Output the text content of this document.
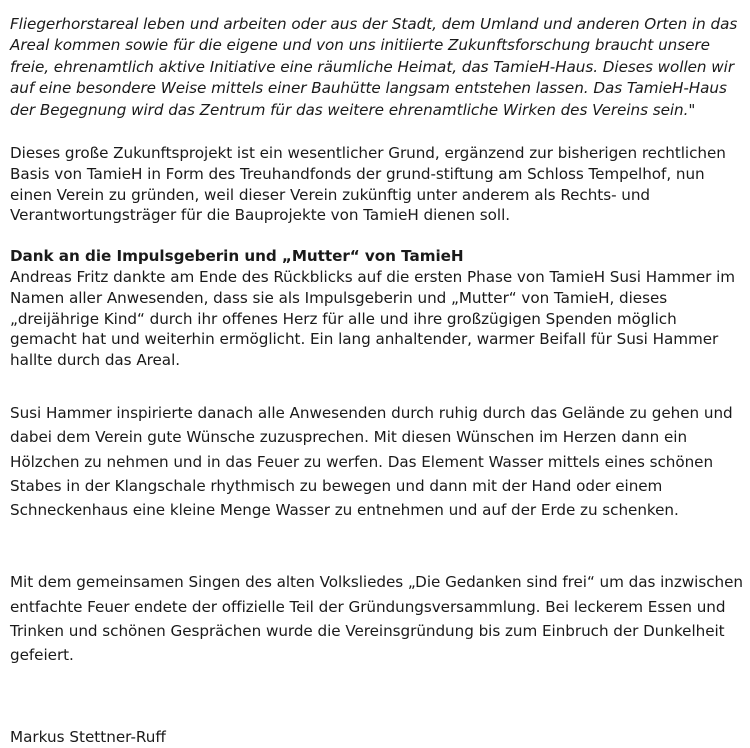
Fliegerhorstareal leben und arbeiten oder aus der Stadt, dem Umland und anderen Orten in das Areal kommen sowie für die eigene und von uns initiierte Zukunftsforschung braucht unsere freie, ehrenamtlich aktive Initiative eine räumliche Heimat, das TamieH-Haus. Dieses wollen wir auf eine besondere Weise mittels einer Bauhütte langsam entstehen lassen. Das TamieH-Haus der Begegnung wird das Zentrum für das weitere ehrenamtliche Wirken des Vereins sein."

Dieses große Zukunftsprojekt ist ein wesentlicher Grund, ergänzend zur bisherigen rechtlichen Basis von TamieH in Form des Treuhandfonds der grund-stiftung am Schloss Tempelhof, nun einen Verein zu gründen, weil dieser Verein zukünftig unter anderem als Rechts- und Verantwortungsträger für die Bauprojekte von TamieH dienen soll.

Dank an die Impulsgeberin und „Mutter“ von TamieH

Andreas Fritz dankte am Ende des Rückblicks auf die ersten Phase von TamieH Susi Hammer im Namen aller Anwesenden, dass sie als Impulsgeberin und „Mutter“ von TamieH, dieses „dreijährige Kind“ durch ihr offenes Herz für alle und ihre großzügigen Spenden möglich gemacht hat und weiterhin ermöglicht. Ein lang anhaltender, warmer Beifall für Susi Hammer hallte durch das Areal.

Susi Hammer inspirierte danach alle Anwesenden durch ruhig durch das Gelände zu gehen und dabei dem Verein gute Wünsche zuzusprechen. Mit diesen Wünschen im Herzen dann ein Hölzchen zu nehmen und in das Feuer zu werfen. Das Element Wasser mittels eines schönen Stabes in der Klangschale rhythmisch zu bewegen und dann mit der Hand oder einem Schneckenhaus eine kleine Menge Wasser zu entnehmen und auf der Erde zu schenken.

Mit dem gemeinsamen Singen des alten Volksliedes „Die Gedanken sind frei“ um das inzwischen entfachte Feuer endete der offizielle Teil der Gründungsversammlung. Bei leckerem Essen und Trinken und schönen Gesprächen wurde die Vereinsgründung bis zum Einbruch der Dunkelheit gefeiert.

Markus Stettner-Ruff
